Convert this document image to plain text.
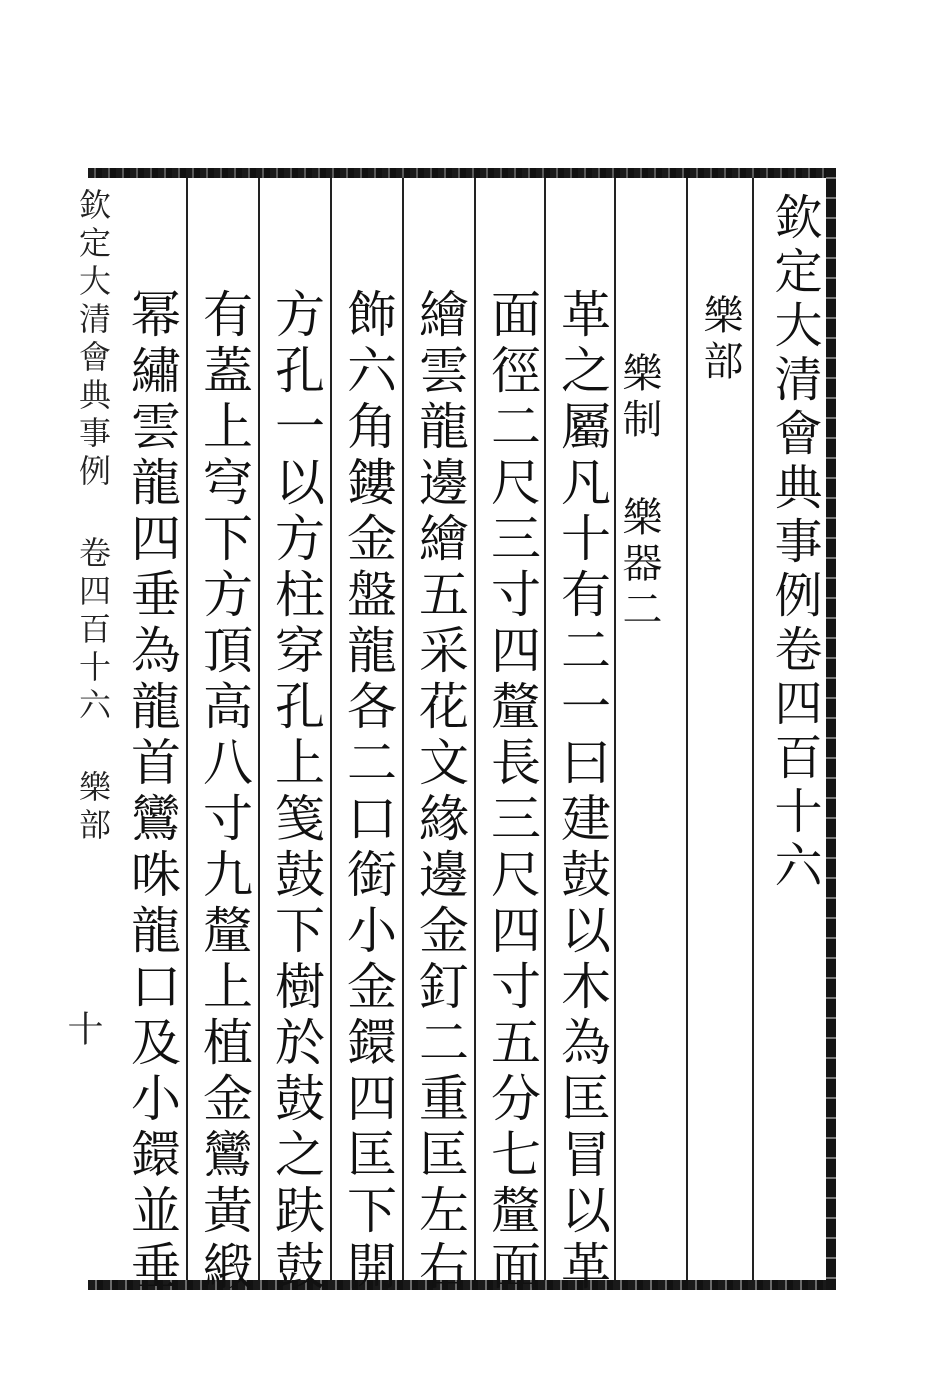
欽定大清會典事例卷四百十六
樂部
樂制 樂器二
革之屬凡十有二一曰建鼓以木為匡冒以革
面徑二尺三寸四釐長三尺四寸五分七釐面
繪雲龍邊繪五采花文緣邊金釘二重匡左右
飾六角鏤金盤龍各二口銜小金鐶四匡下開
方孔一以方柱穿孔上䇳鼓下樹於鼓之趺鼓
有蓋上穹下方頂高八寸九釐上植金鸞黃緞
幂繡雲龍四垂為龍首鸞咮龍口及小鐶並垂
欽定大清會典事例 卷四百十六 樂部
十
